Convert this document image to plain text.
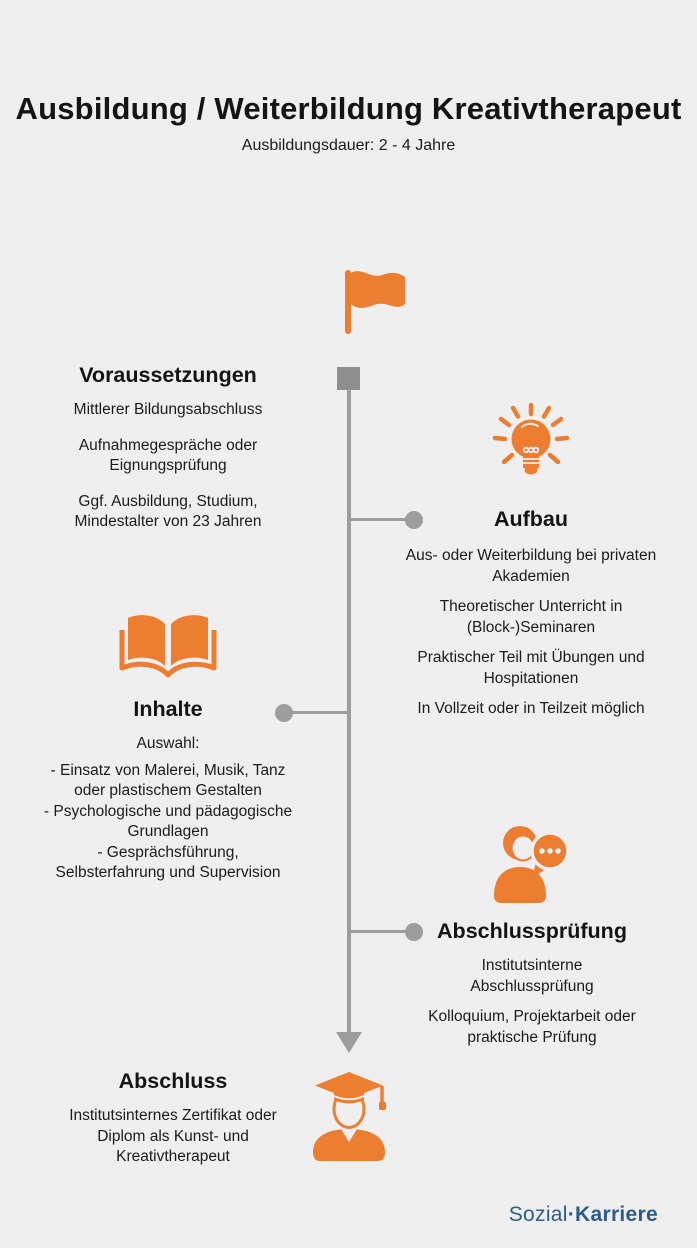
Ausbildung / Weiterbildung Kreativtherapeut

Ausbildungsdauer: 2 - 4 Jahre

Voraussetzungen

Mittlerer Bildungsabschluss

Aufnahmegespräche oder Eignungsprüfung

Ggf. Ausbildung, Studium, Mindestalter von 23 Jahren	Aufbau

Aus- oder Weiterbildung bei privaten Akademien

Theoretischer Unterricht in (Block-)Seminaren

Praktischer Teil mit Übungen und Hospitationen

In Vollzeit oder in Teilzeit möglich

Inhalte

Auswahl:

- Einsatz von Malerei, Musik, Tanz oder plastischem Gestalten

- Psychologische und pädagogische Grundlagen

- Gesprächsführung, Selbsterfahrung und Supervision

Abschlussprüfung

Institutsinterne Abschlussprüfung

Kolloquium, Projektarbeit oder praktische Prüfung

Abschluss

Institutsinternes Zertifikat oder Diplom als Kunst- und Kreativtherapeut

Sozial·Karriere
